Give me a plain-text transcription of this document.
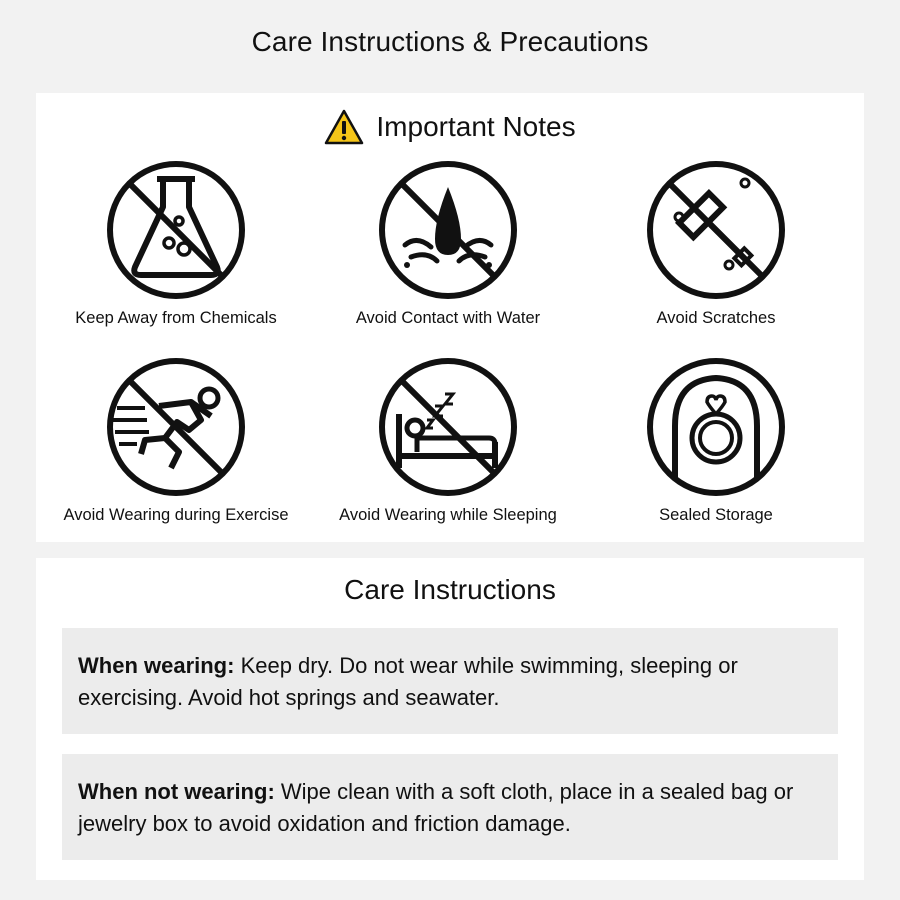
Care Instructions & Precautions
Important Notes
Keep Away from Chemicals	Avoid Contact with Water	Avoid Scratches
Avoid Wearing during Exercise	Avoid Wearing while Sleeping	Sealed Storage
Care Instructions
When wearing: Keep dry. Do not wear while swimming, sleeping or exercising. Avoid hot springs and seawater.
When not wearing: Wipe clean with a soft cloth, place in a sealed bag or jewelry box to avoid oxidation and friction damage.
